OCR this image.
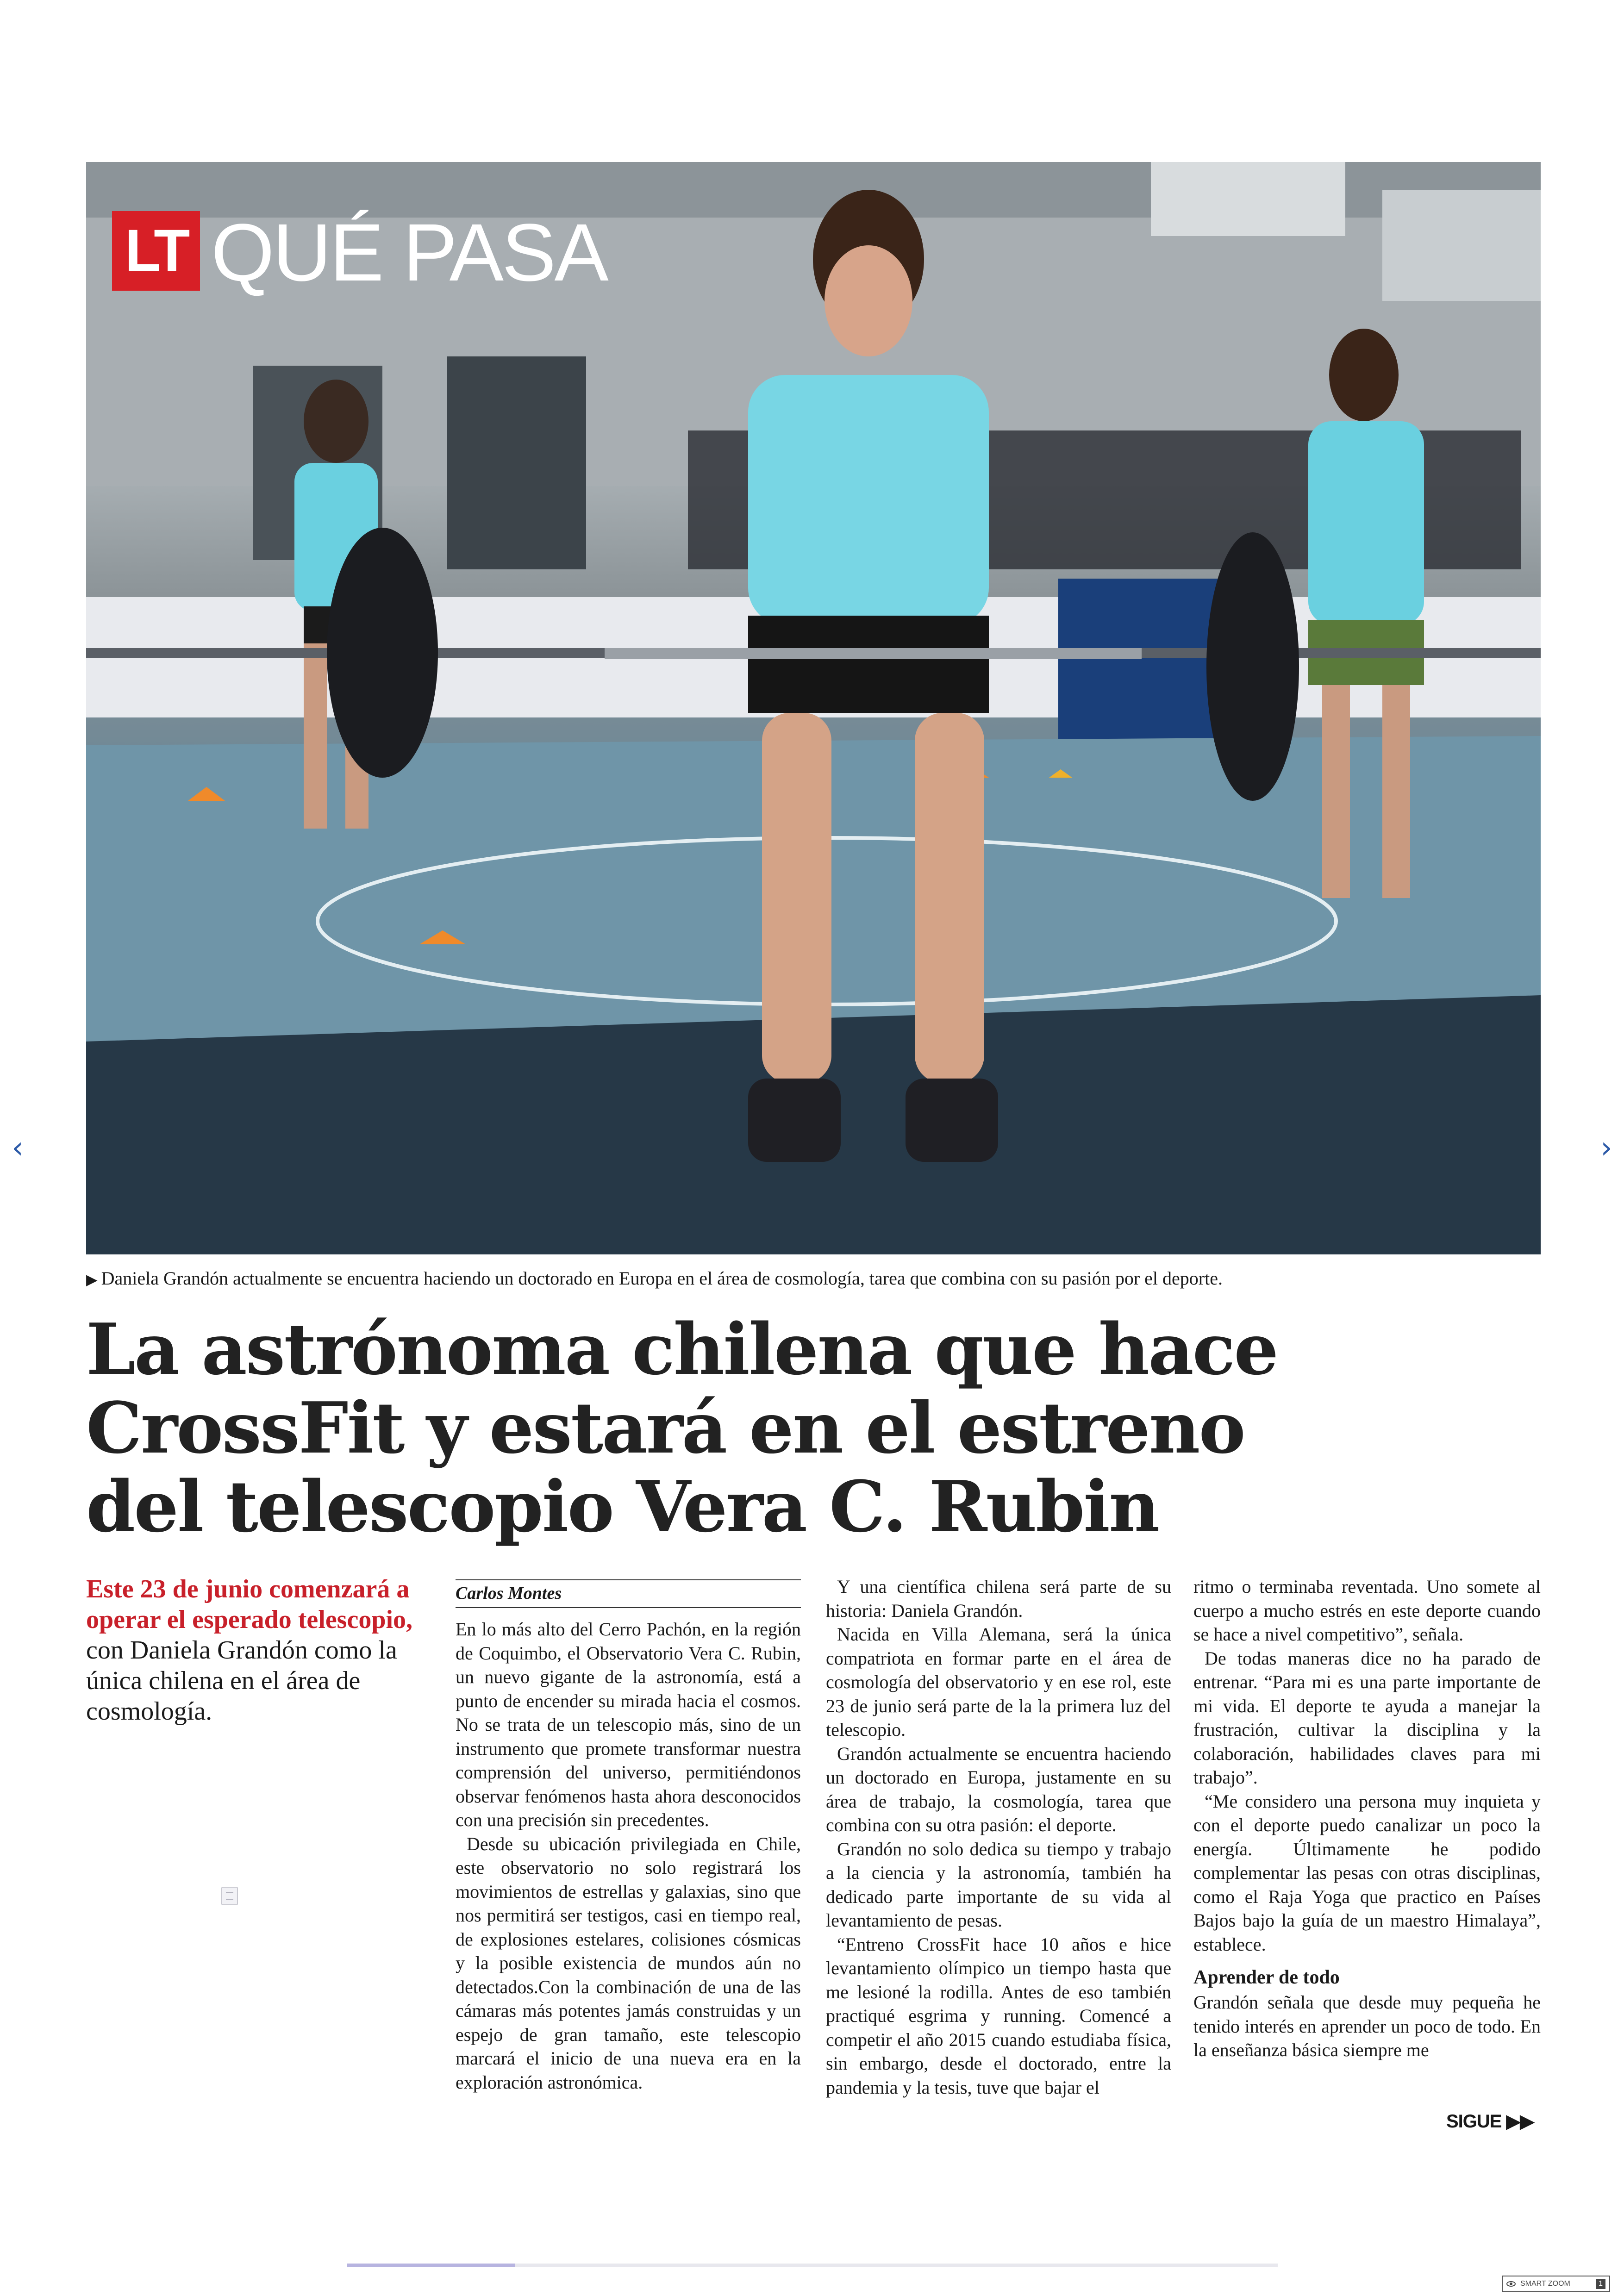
LT QUÉ PASA
‹	›
▶ Daniela Grandón actualmente se encuentra haciendo un doctorado en Europa en el área de cosmología, tarea que combina con su pasión por el deporte.
La astrónoma chilena que hace CrossFit y estará en el estreno del telescopio Vera C. Rubin
Este 23 de junio comenzará a operar el esperado telescopio, con Daniela Grandón como la única chilena en el área de cosmología.
Carlos Montes

En lo más alto del Cerro Pachón, en la región de Coquimbo, el Observatorio Vera C. Rubin, un nuevo gigante de la astronomía, está a punto de encender su mirada hacia el cosmos. No se trata de un telescopio más, sino de un instrumento que promete transformar nuestra comprensión del universo, permitiéndonos observar fenómenos hasta ahora desconocidos con una precisión sin precedentes.

Desde su ubicación privilegiada en Chile, este observatorio no solo registrará los movimientos de estrellas y galaxias, sino que nos permitirá ser testigos, casi en tiempo real, de explosiones estelares, colisiones cósmicas y la posible existencia de mundos aún no detectados.Con la combinación de una de las cámaras más potentes jamás construidas y un espejo de gran tamaño, este telescopio marcará el inicio de una nueva era en la exploración astronómica.

Y una científica chilena será parte de su historia: Daniela Grandón.

Nacida en Villa Alemana, será la única compatriota en formar parte en el área de cosmología del observatorio y en ese rol, este 23 de junio será parte de la la primera luz del telescopio.

Grandón actualmente se encuentra haciendo un doctorado en Europa, justamente en su área de trabajo, la cosmología, tarea que combina con su otra pasión: el deporte.

Grandón no solo dedica su tiempo y trabajo a la ciencia y la astronomía, también ha dedicado parte importante de su vida al levantamiento de pesas.

“Entreno CrossFit hace 10 años e hice levantamiento olímpico un tiempo hasta que me lesioné la rodilla. Antes de eso también practiqué esgrima y running. Comencé a competir el año 2015 cuando estudiaba física, sin embargo, desde el doctorado, entre la pandemia y la tesis, tuve que bajar el

ritmo o terminaba reventada. Uno somete al cuerpo a mucho estrés en este deporte cuando se hace a nivel competitivo”, señala.

De todas maneras dice no ha parado de entrenar. “Para mi es una parte importante de mi vida. El deporte te ayuda a manejar la frustración, cultivar la disciplina y la colaboración, habilidades claves para mi trabajo”.

“Me considero una persona muy inquieta y con el deporte puedo canalizar un poco la energía. Últimamente he podido complementar las pesas con otras disciplinas, como el Raja Yoga que practico en Países Bajos bajo la guía de un maestro Himalaya”, establece.

Aprender de todo

Grandón señala que desde muy pequeña he tenido interés en aprender un poco de todo. En la enseñanza básica siempre me

SIGUE ▶▶
SMART ZOOM	1
